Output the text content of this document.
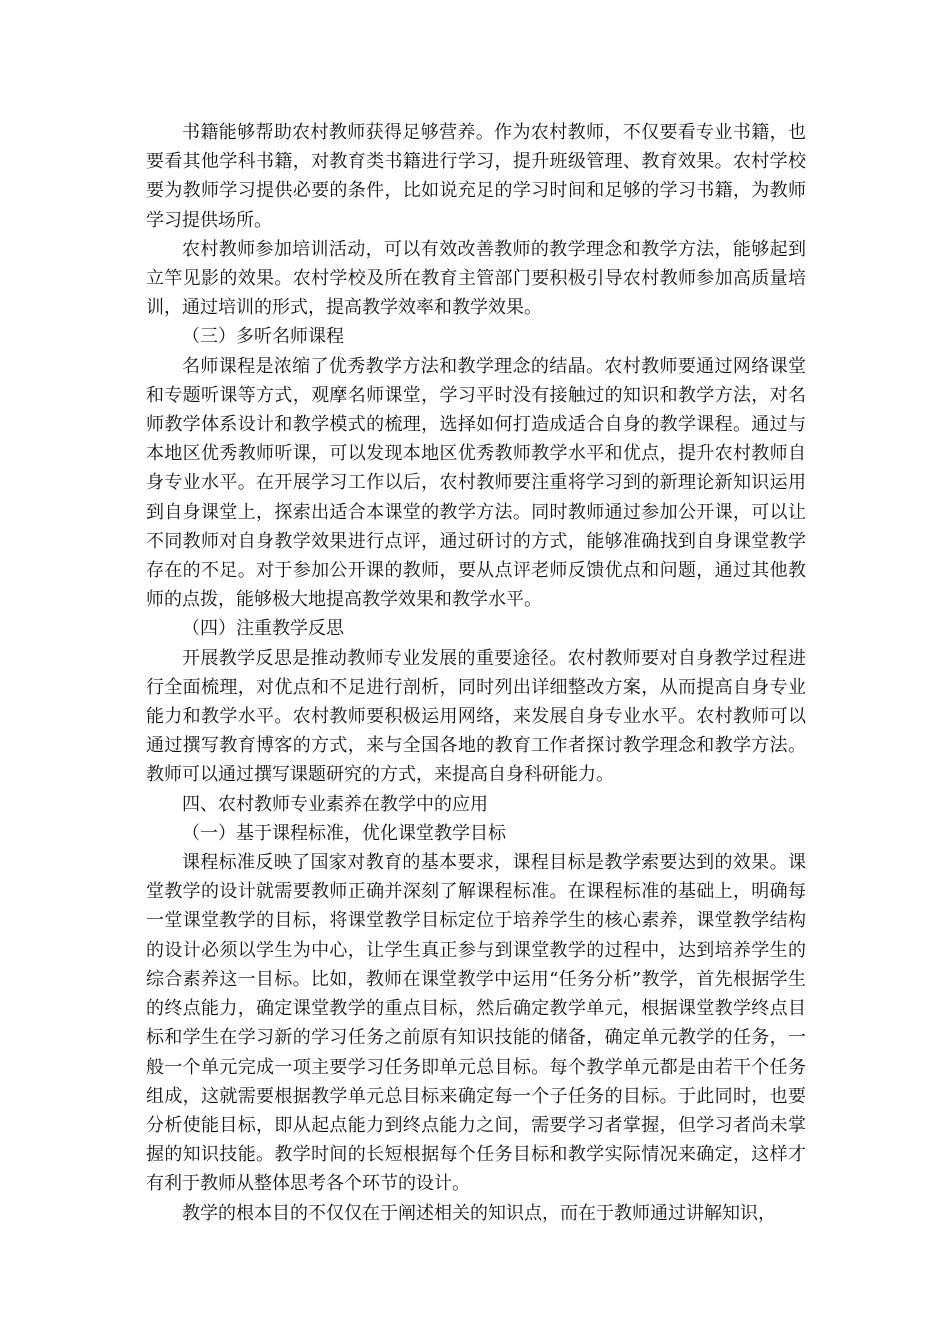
书籍能够帮助农村教师获得足够营养。作为农村教师，不仅要看专业书籍，也要看其他学科书籍，对教育类书籍进行学习，提升班级管理、教育效果。农村学校要为教师学习提供必要的条件，比如说充足的学习时间和足够的学习书籍，为教师学习提供场所。

农村教师参加培训活动，可以有效改善教师的教学理念和教学方法，能够起到立竿见影的效果。农村学校及所在教育主管部门要积极引导农村教师参加高质量培训，通过培训的形式，提高教学效率和教学效果。

（三）多听名师课程

名师课程是浓缩了优秀教学方法和教学理念的结晶。农村教师要通过网络课堂和专题听课等方式，观摩名师课堂，学习平时没有接触过的知识和教学方法，对名师教学体系设计和教学模式的梳理，选择如何打造成适合自身的教学课程。通过与本地区优秀教师听课，可以发现本地区优秀教师教学水平和优点，提升农村教师自身专业水平。在开展学习工作以后，农村教师要注重将学习到的新理论新知识运用到自身课堂上，探索出适合本课堂的教学方法。同时教师通过参加公开课，可以让不同教师对自身教学效果进行点评，通过研讨的方式，能够准确找到自身课堂教学存在的不足。对于参加公开课的教师，要从点评老师反馈优点和问题，通过其他教师的点拨，能够极大地提高教学效果和教学水平。

（四）注重教学反思

开展教学反思是推动教师专业发展的重要途径。农村教师要对自身教学过程进行全面梳理，对优点和不足进行剖析，同时列出详细整改方案，从而提高自身专业能力和教学水平。农村教师要积极运用网络，来发展自身专业水平。农村教师可以通过撰写教育博客的方式，来与全国各地的教育工作者探讨教学理念和教学方法。教师可以通过撰写课题研究的方式，来提高自身科研能力。

四、农村教师专业素养在教学中的应用

（一）基于课程标准，优化课堂教学目标

课程标准反映了国家对教育的基本要求，课程目标是教学索要达到的效果。课堂教学的设计就需要教师正确并深刻了解课程标准。在课程标准的基础上，明确每一堂课堂教学的目标，将课堂教学目标定位于培养学生的核心素养，课堂教学结构的设计必须以学生为中心，让学生真正参与到课堂教学的过程中，达到培养学生的综合素养这一目标。比如，教师在课堂教学中运用“任务分析”教学，首先根据学生的终点能力，确定课堂教学的重点目标，然后确定教学单元，根据课堂教学终点目标和学生在学习新的学习任务之前原有知识技能的储备，确定单元教学的任务，一般一个单元完成一项主要学习任务即单元总目标。每个教学单元都是由若干个任务组成，这就需要根据教学单元总目标来确定每一个子任务的目标。于此同时，也要分析使能目标，即从起点能力到终点能力之间，需要学习者掌握，但学习者尚未掌握的知识技能。教学时间的长短根据每个任务目标和教学实际情况来确定，这样才有利于教师从整体思考各个环节的设计。

教学的根本目的不仅仅在于阐述相关的知识点，而在于教师通过讲解知识，
